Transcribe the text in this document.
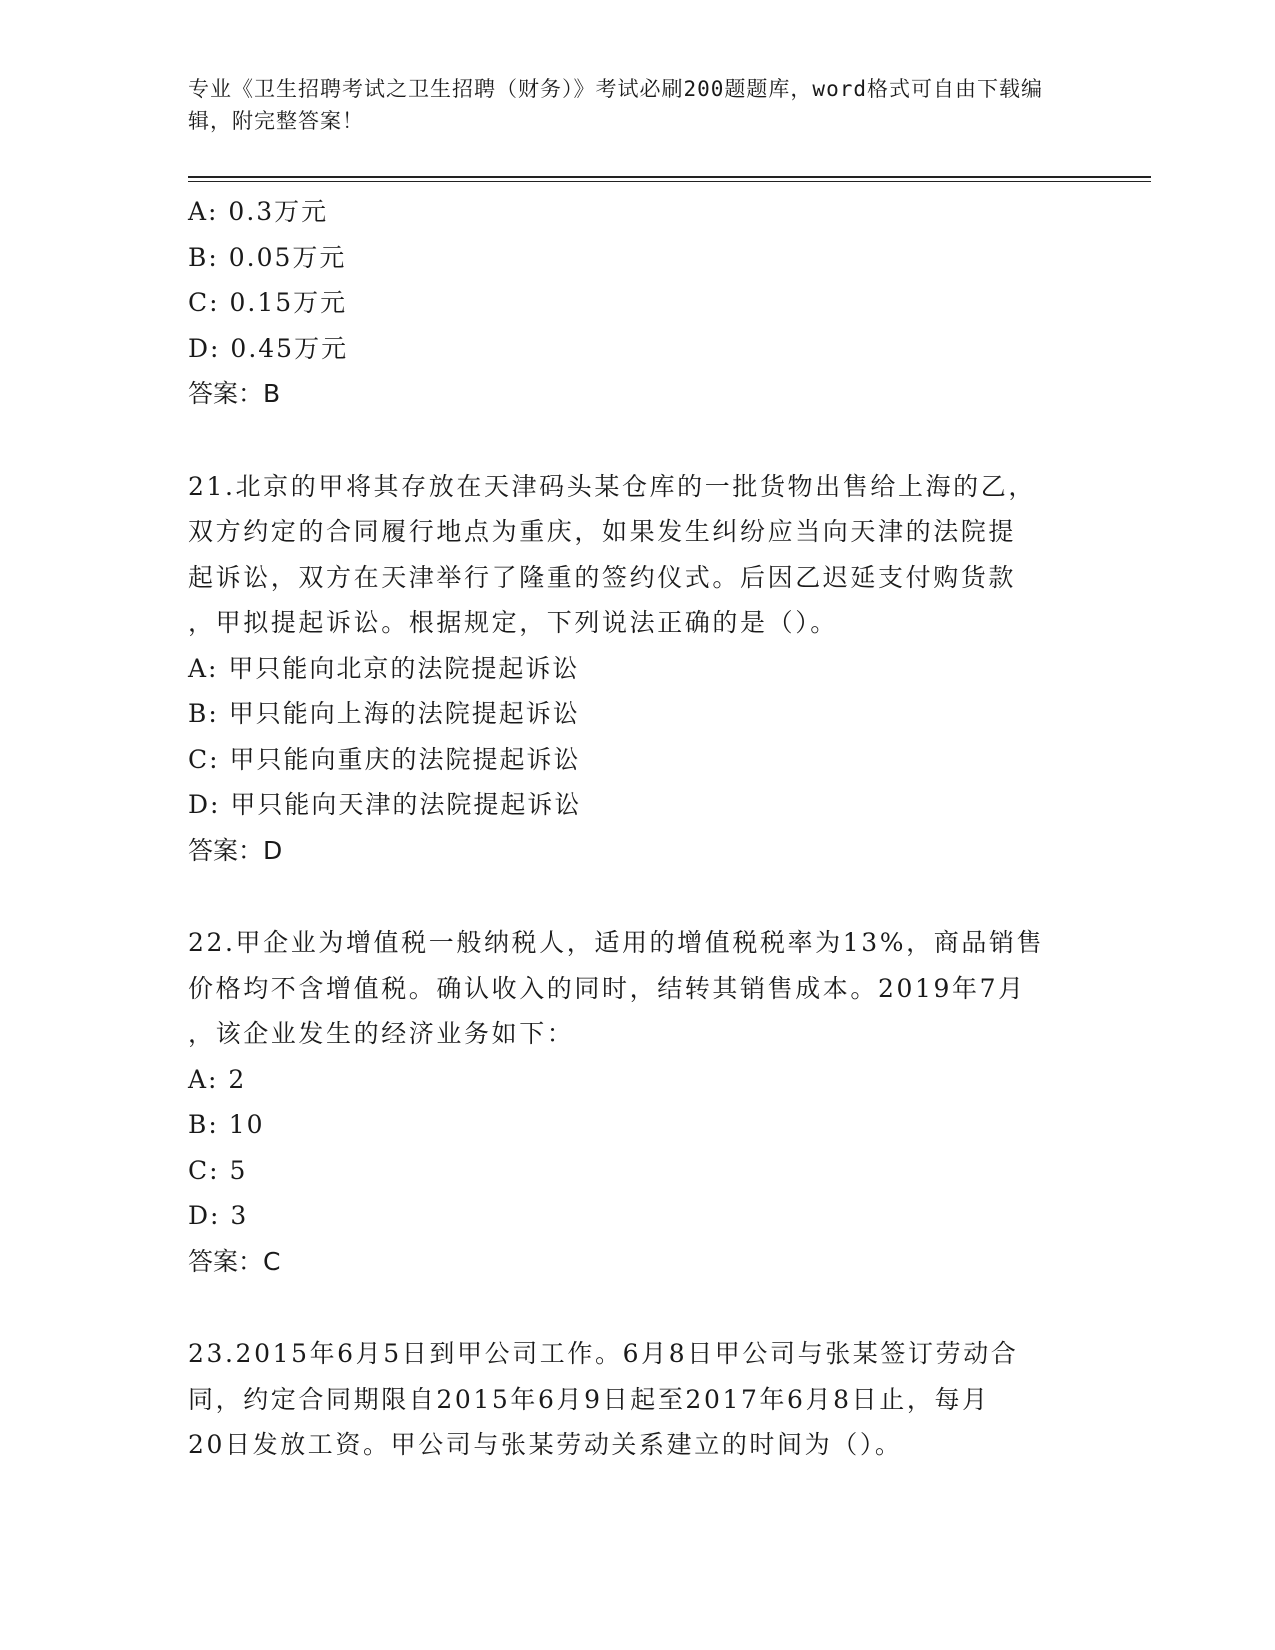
专业《卫生招聘考试之卫生招聘（财务）》考试必刷200题题库，word格式可自由下载编辑，附完整答案！
A: 0.3万元
B: 0.05万元
C: 0.15万元
D: 0.45万元
答案：B
21.北京的甲将其存放在天津码头某仓库的一批货物出售给上海的乙，
双方约定的合同履行地点为重庆，如果发生纠纷应当向天津的法院提
起诉讼，双方在天津举行了隆重的签约仪式。后因乙迟延支付购货款
，甲拟提起诉讼。根据规定，下列说法正确的是（）。
A: 甲只能向北京的法院提起诉讼
B: 甲只能向上海的法院提起诉讼
C: 甲只能向重庆的法院提起诉讼
D: 甲只能向天津的法院提起诉讼
答案：D
22.甲企业为增值税一般纳税人，适用的增值税税率为13%，商品销售
价格均不含增值税。确认收入的同时，结转其销售成本。2019年7月
，该企业发生的经济业务如下：
A: 2
B: 10
C: 5
D: 3
答案：C
23.2015年6月5日到甲公司工作。6月8日甲公司与张某签订劳动合
同，约定合同期限自2015年6月9日起至2017年6月8日止，每月
20日发放工资。甲公司与张某劳动关系建立的时间为（）。
